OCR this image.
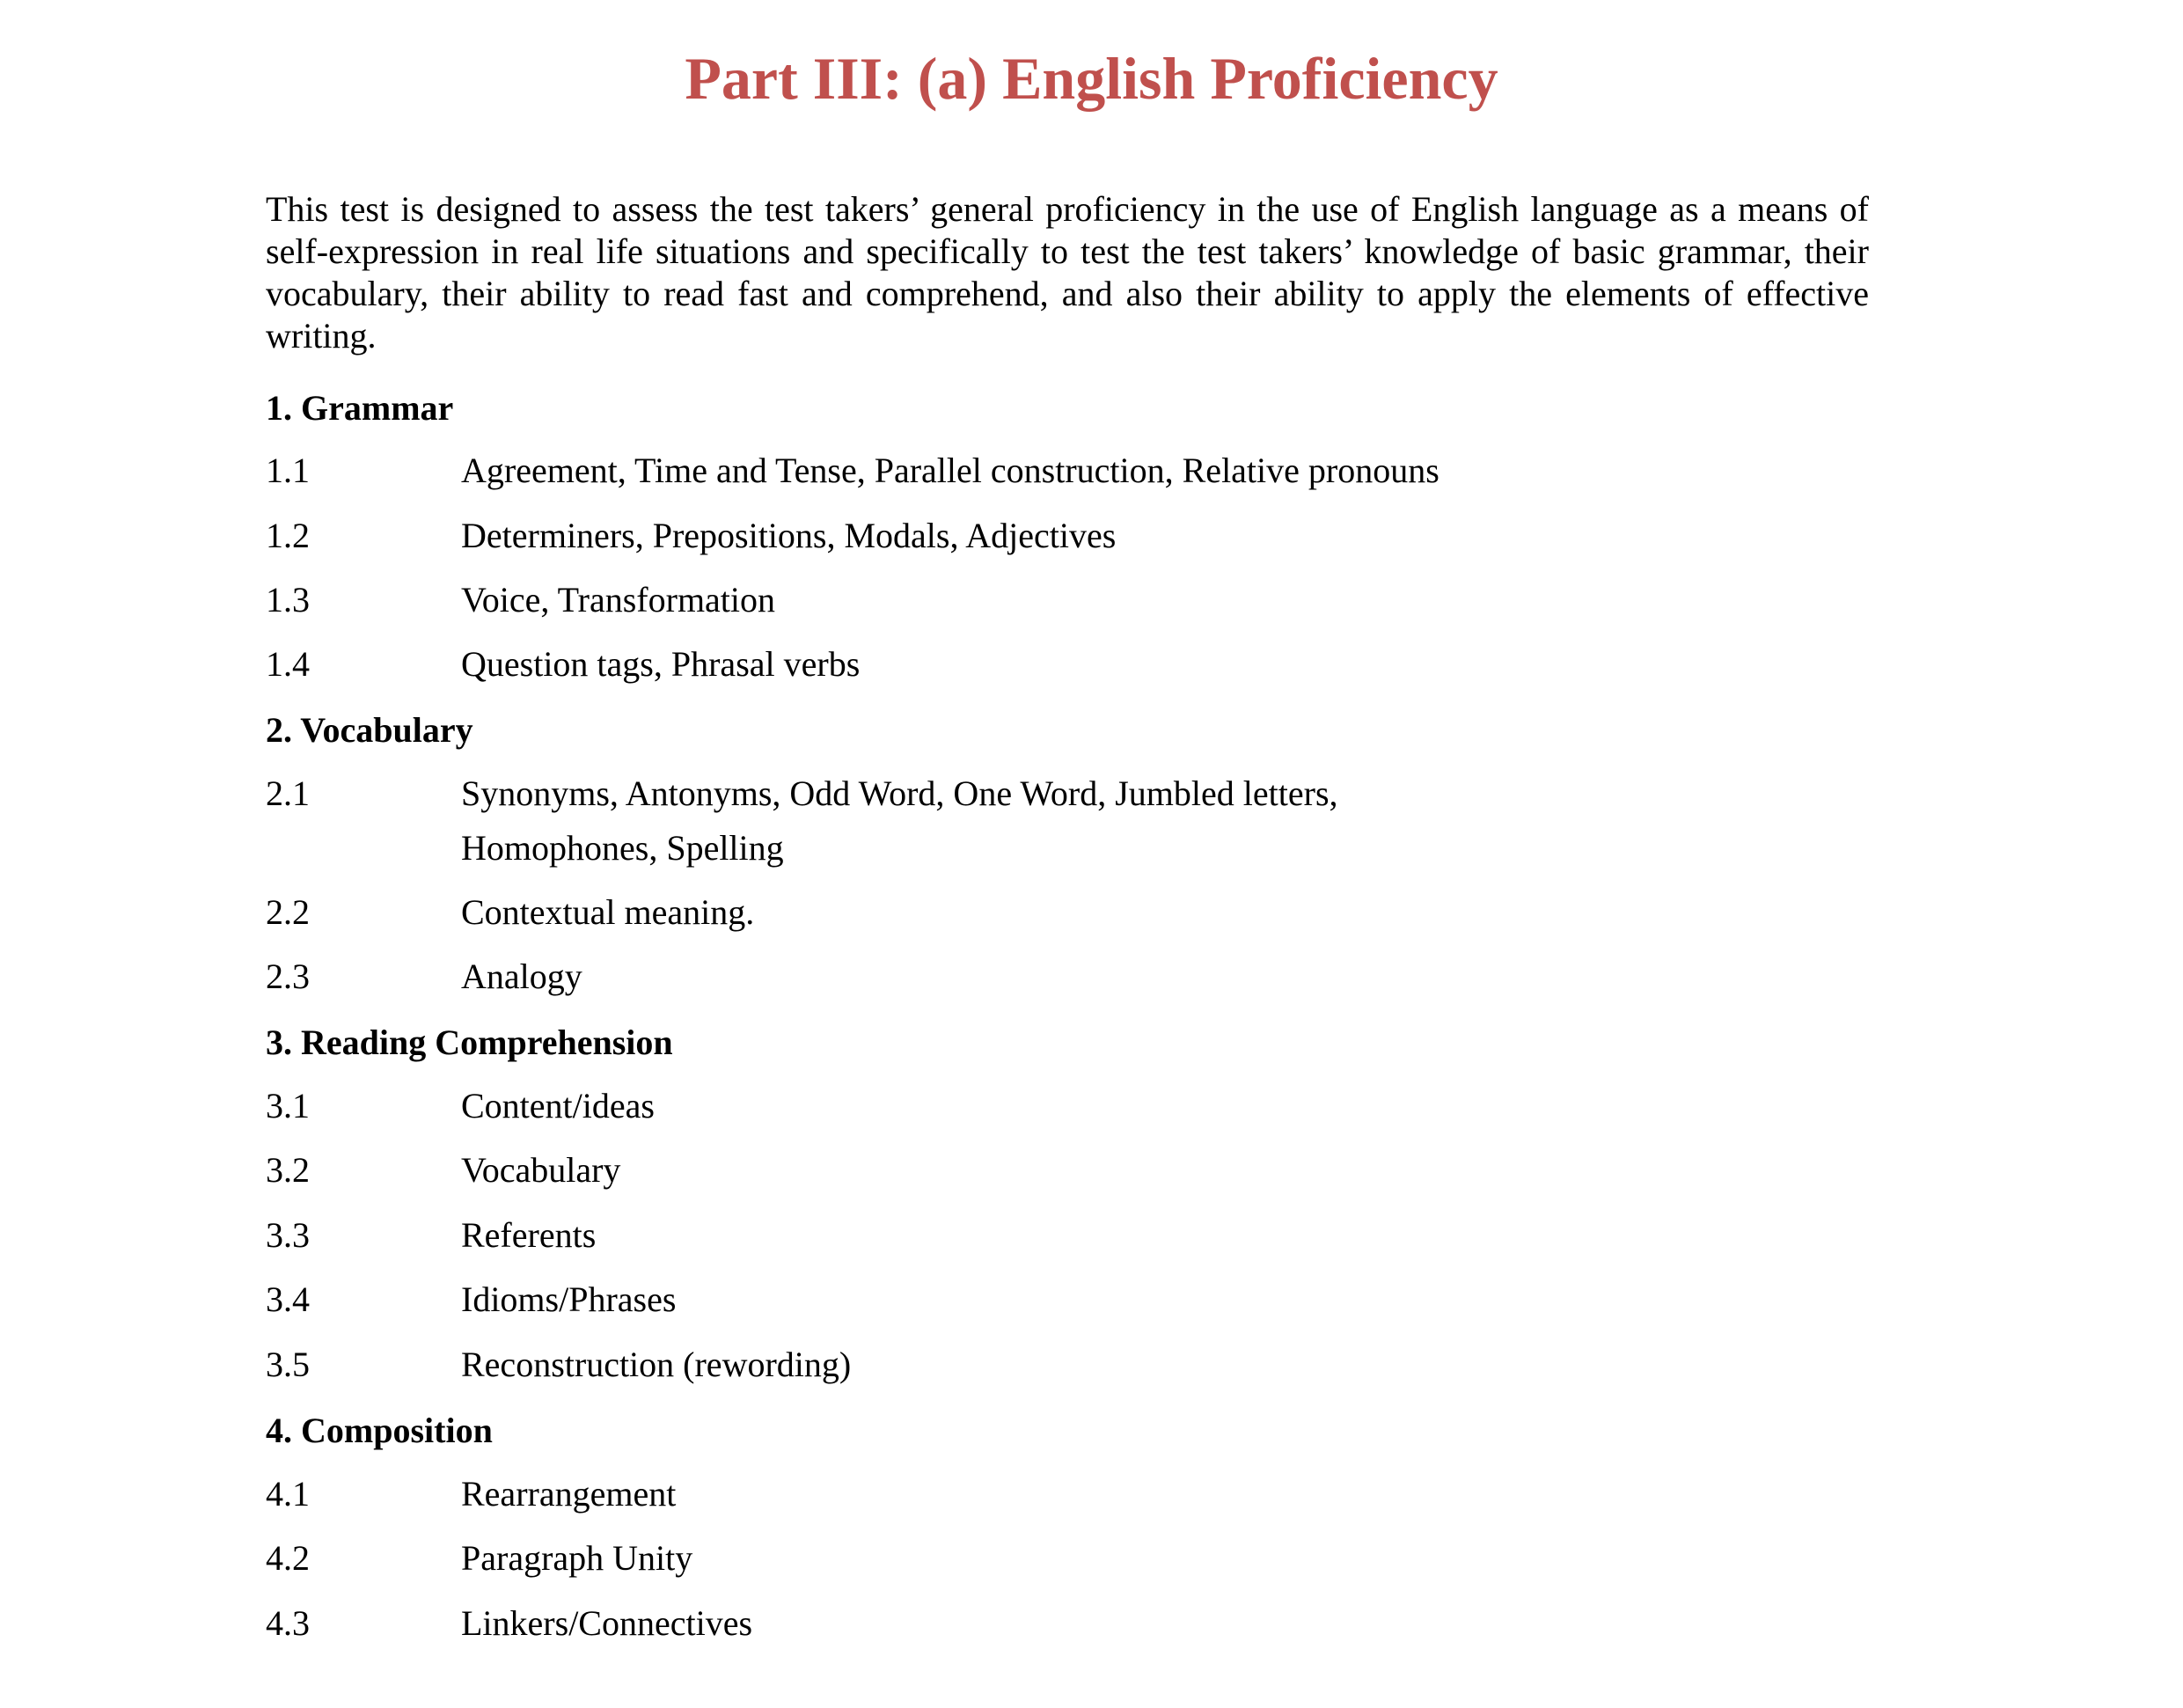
Part III: (a) English Proficiency

This test is designed to assess the test takers’ general proficiency in the use of English language as a means of self-expression in real life situations and specifically to test the test takers’ knowledge of basic grammar, their vocabulary, their ability to read fast and comprehend, and also their ability to apply the elements of effective writing.

1. Grammar
1.1	Agreement, Time and Tense, Parallel construction, Relative pronouns
1.2	Determiners, Prepositions, Modals, Adjectives
1.3	Voice, Transformation
1.4	Question tags, Phrasal verbs
2. Vocabulary
2.1	Synonyms, Antonyms, Odd Word, One Word, Jumbled letters, Homophones, Spelling
2.2	Contextual meaning.
2.3	Analogy
3. Reading Comprehension
3.1	Content/ideas
3.2	Vocabulary
3.3	Referents
3.4	Idioms/Phrases
3.5	Reconstruction (rewording)
4. Composition
4.1	Rearrangement
4.2	Paragraph Unity
4.3	Linkers/Connectives
